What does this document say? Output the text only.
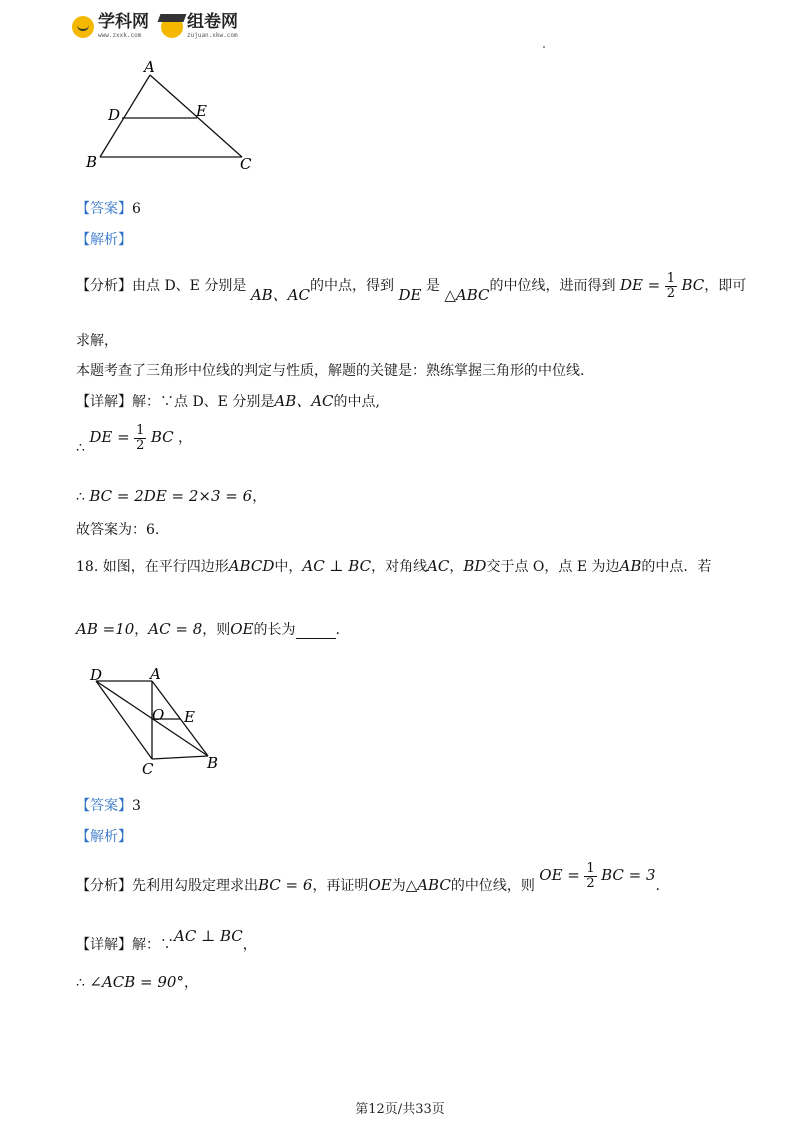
学科网
www.zxxk.com
组卷网
zujuan.xkw.com
A
D	E
B	C
【答案】6
【解析】
【分析】由点 D、E 分别是 AB、AC的中点，得到 DE 是 △ABC的中位线，进而得到 DE = $\frac{1}{2}$ BC，即可
求解，
本题考查了三角形中位线的判定与性质，解题的关键是：熟练掌握三角形的中位线.
【详解】解：∵点 D、E 分别是AB、AC的中点,
∴ DE = $\frac{1}{2}$ BC ，
∴ BC = 2DE = 2×3 = 6，
故答案为：6.
18. 如图，在平行四边形ABCD中，AC ⊥ BC，对角线AC，BD交于点 O，点 E 为边AB的中点．若
AB =10，AC = 8，则OE的长为	.
D	A
O E
C	B
【答案】3
【解析】
【分析】先利用勾股定理求出BC = 6，再证明OE为△ABC的中位线，则 OE = $\frac{1}{2}$ BC = 3.
【详解】解：∵AC ⊥ BC，
∴ ∠ACB = 90°，
第12页/共33页
